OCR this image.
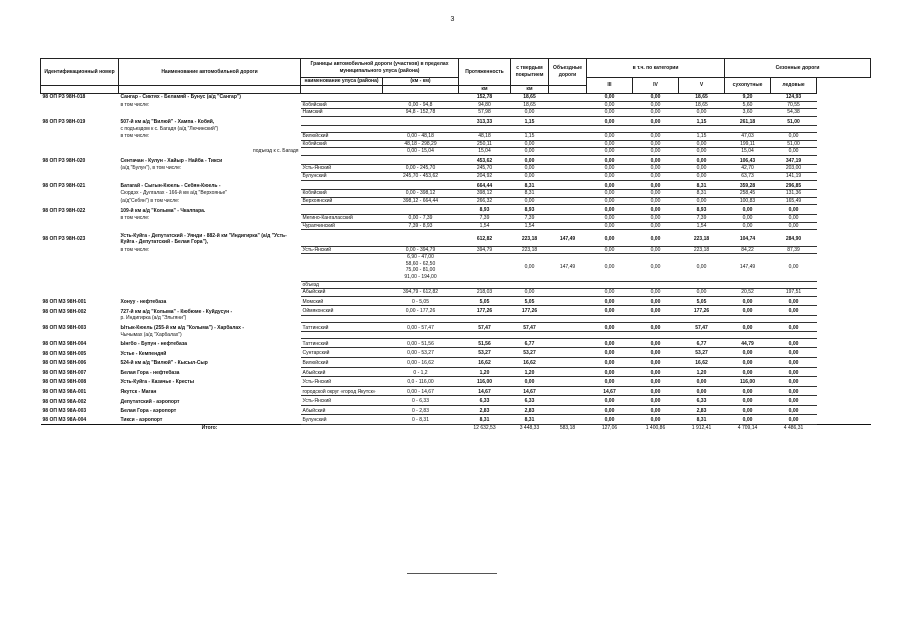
3
Идентификационный номер	Наименование автомобильной дороги	Границы автомобильной дороги (участков) в пределах муниципального улуса (района)		Протяженность	с твердым покрытием	Объездные дороги	в т.ч. по категории			Сезонные дороги		
		наименование улуса (района)	(км - км)				III	IV	V	сухопутные	ледовые	
				км	км							
98 ОП РЗ 98Н-018	Сангар - Сиктях - Беламяй - Бунус (а/д "Сангар")			152,78	18,65		0,00	0,00	18,65	9,20	124,93	
	в том числе:	Кобяйский	0,00 - 94,8	94,80	18,65		0,00	0,00	18,65	5,60	70,55	
		Намский	94,8 - 152,78	57,98	0,00		0,00	0,00	0,00	3,60	54,38	

98 ОП РЗ 98Н-019	507-й км а/д "Вилюй" - Хампа - Кобяй,			313,33	1,15		0,00	0,00	1,15	261,18	51,00	
	с подъездом к с. Багадя (а/д "Лючинский")											
	в том числе:	Вилюйский	0,00 - 48,18	48,18	1,15		0,00	0,00	1,15	47,03	0,00	
		Кобяйский	48,18 - 298,29	250,11	0,00		0,00	0,00	0,00	199,11	51,00	
	подъезд к с. Багадя		0,00 - 15,04	15,04	0,00		0,00	0,00	0,00	15,04	0,00	

98 ОП РЗ 98Н-020	Сентачан - Кулун - Хайыр - Найба - Тикси			453,62	0,00		0,00	0,00	0,00	106,43	347,19	
	(а/д "Булун"), в том числе:	Усть-Янский	0,00 - 245,70	245,70	0,00		0,00	0,00	0,00	42,70	203,00	
		Булунский	245,70 - 453,62	204,92	0,00		0,00	0,00	0,00	63,73	141,19	

98 ОП РЗ 98Н-021	Батагай - Сыгын-Кюель - Себян-Кюель -			664,44	8,31		0,00	0,00	8,31	359,28	296,85	
	Сюрдэх - Дулгалах - 166-й км а/д "Верхоянье"	Кобяйский	0,00 - 398,12	398,12	8,31		0,00	0,00	8,31	258,45	131,36	
	(а/д"Себян") в том числе:	Верхоянский	398,12 - 664,44	266,32	0,00		0,00	0,00	0,00	100,83	165,49	

98 ОП РЗ 98Н-022	109-й км а/д "Колыма" - Чкалпара.			8,93	8,93		0,00	0,00	8,93	0,00	0,00	
	в том числе:	Мегино-Кангаласский	0,00 - 7,39	7,39	7,39		0,00	0,00	7,39	0,00	0,00	
		Чурапчинский	7,39 - 8,93	1,54	1,54		0,00	0,00	1,54	0,00	0,00	

98 ОП РЗ 98Н-023	Усть-Куйга - Депутатский - Уянди - 882-й км "Индигирка" (а/д "Усть-Куйга - Депутатский - Белая Гора"),			612,82	223,18	147,49	0,00	0,00	223,18	104,74	284,90	
	в том числе:	Усть-Янский	0,00 - 394,79	394,79	223,18		0,00	0,00	223,18	84,22	87,39	
			6,90 - 47,00
58,60 - 62,50
75,00 - 81,00
91,00 - 194,00		0,00	147,49	0,00	0,00	0,00	147,49	0,00	
		объезд										
		Абыйский	394,79 - 612,82	218,03	0,00		0,00	0,00	0,00	20,52	197,51	

98 ОП МЗ 98Н-001	Хонуу - нефтебаза	Момский	0 - 5,05	5,05	5,05		0,00	0,00	5,05	0,00	0,00	

98 ОП МЗ 98Н-002	727-й км а/д "Колыма" - Кюбюме - Куйдусун -	Оймяконский	0,00 - 177,26	177,26	177,26		0,00	0,00	177,26	0,00	0,00	
	р. Индигирка (а/д "Эльгяни")											

98 ОП МЗ 98Н-003	Ытык-Кюель (255-й км а/д "Колыма") - Харбалах -	Таттинский	0,00 - 57,47	57,47	57,47		0,00	0,00	57,47	0,00	0,00	
	Чычымах (а/д "Харбалах")											

98 ОП МЗ 98Н-004	Ынгбо - Бупун - нефтебаза	Таттинский	0,00 - 51,56	51,56	6,77		0,00	0,00	6,77	44,79	0,00	

98 ОП МЗ 98Н-005	Устье - Кемпендяй	Сунтарский	0,00 - 53,27	53,27	53,27		0,00	0,00	53,27	0,00	0,00	

98 ОП МЗ 98Н-006	524-й км а/д "Вилюй" - Кысыл-Сыр	Вилюйский	0,00 - 16,62	16,62	16,62		0,00	0,00	16,62	0,00	0,00	

98 ОП МЗ 98Н-007	Белая Гора - нефтебаза	Абыйский	0 - 1,2	1,20	1,20		0,00	0,00	1,20	0,00	0,00	

98 ОП МЗ 98Н-008	Усть-Куйга - Казачье - Кресты	Усть-Янский	0,0 - 116,00	116,00	0,00		0,00	0,00	0,00	116,00	0,00	

98 ОП МЗ 98А-001	Якутск - Маган	городской округ «город Якутск»	0,00 - 14,67	14,67	14,67		14,67	0,00	0,00	0,00	0,00	

98 ОП МЗ 98А-002	Депутатский - аэропорт	Усть-Янский	0 - 6,33	6,33	6,33		0,00	0,00	6,33	0,00	0,00	

98 ОП МЗ 98А-003	Белая Гора - аэропорт	Абыйский	0 - 2,83	2,83	2,83		0,00	0,00	2,83	0,00	0,00	

98 ОП МЗ 98А-004	Тикси - аэропорт	Булунский	0 - 8,31	8,31	8,31		0,00	0,00	8,31	0,00	0,00	
	Итого:			12 632,53	3 448,33	583,18	127,06	1 400,86	1 912,41	4 709,14	4 486,31	
